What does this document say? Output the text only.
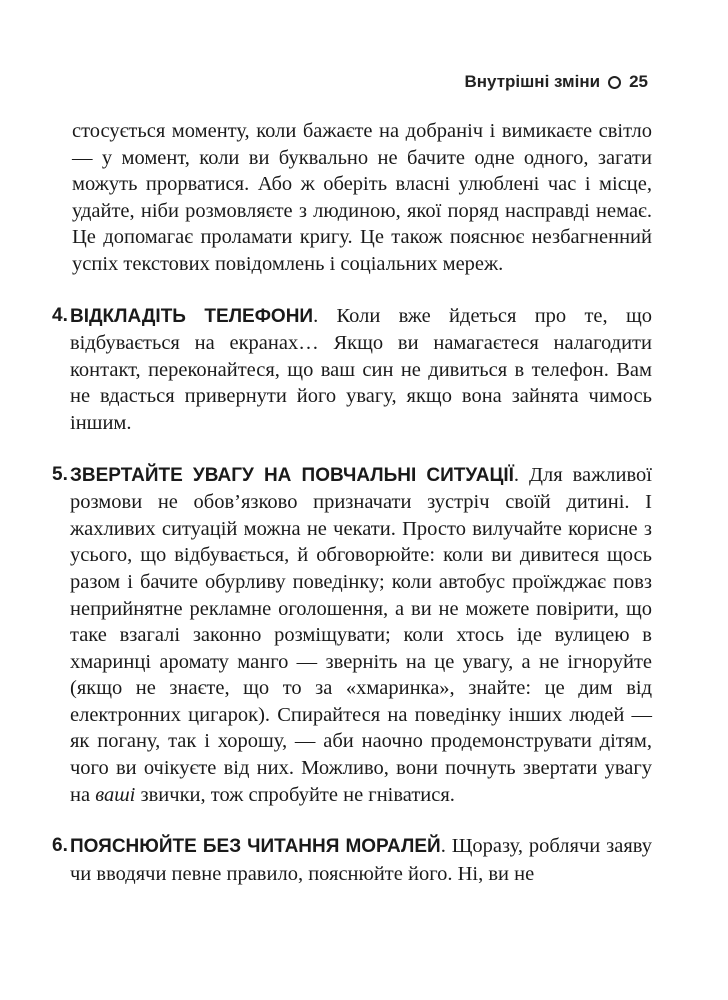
Внутрішні зміни 25

стосується моменту, коли бажаєте на добраніч і вимикаєте світло — у момент, коли ви буквально не бачите одне одного, загати можуть прорватися. Або ж оберіть власні улюблені час і місце, удайте, ніби розмовляєте з людиною, якої поряд насправді немає. Це допомагає проламати кригу. Це також пояснює незбагненний успіх текстових повідомлень і соціальних мереж.

4. ВІДКЛАДІТЬ ТЕЛЕФОНИ. Коли вже йдеться про те, що відбувається на екранах… Якщо ви намагаєтеся налагодити контакт, переконайтеся, що ваш син не дивиться в телефон. Вам не вдасться привернути його увагу, якщо вона зайнята чимось іншим.

5. ЗВЕРТАЙТЕ УВАГУ НА ПОВЧАЛЬНІ СИТУАЦІЇ. Для важливої розмови не обов’язково призначати зустріч своїй дитині. І жахливих ситуацій можна не чекати. Просто вилучайте корисне з усього, що відбувається, й обговорюйте: коли ви дивитеся щось разом і бачите обурливу поведінку; коли автобус проїжджає повз неприйнятне рекламне оголошення, а ви не можете повірити, що таке взагалі законно розміщувати; коли хтось іде вулицею в хмаринці аромату манго — зверніть на це увагу, а не ігноруйте (якщо не знаєте, що то за «хмаринка», знайте: це дим від електронних цигарок). Спирайтеся на поведінку інших людей — як погану, так і хорошу, — аби наочно продемонструвати дітям, чого ви очікуєте від них. Можливо, вони почнуть звертати увагу на ваші звички, тож спробуйте не гніватися.

6. ПОЯСНЮЙТЕ БЕЗ ЧИТАННЯ МОРАЛЕЙ. Щоразу, роблячи заяву чи вводячи певне правило, пояснюйте його. Ні, ви не
